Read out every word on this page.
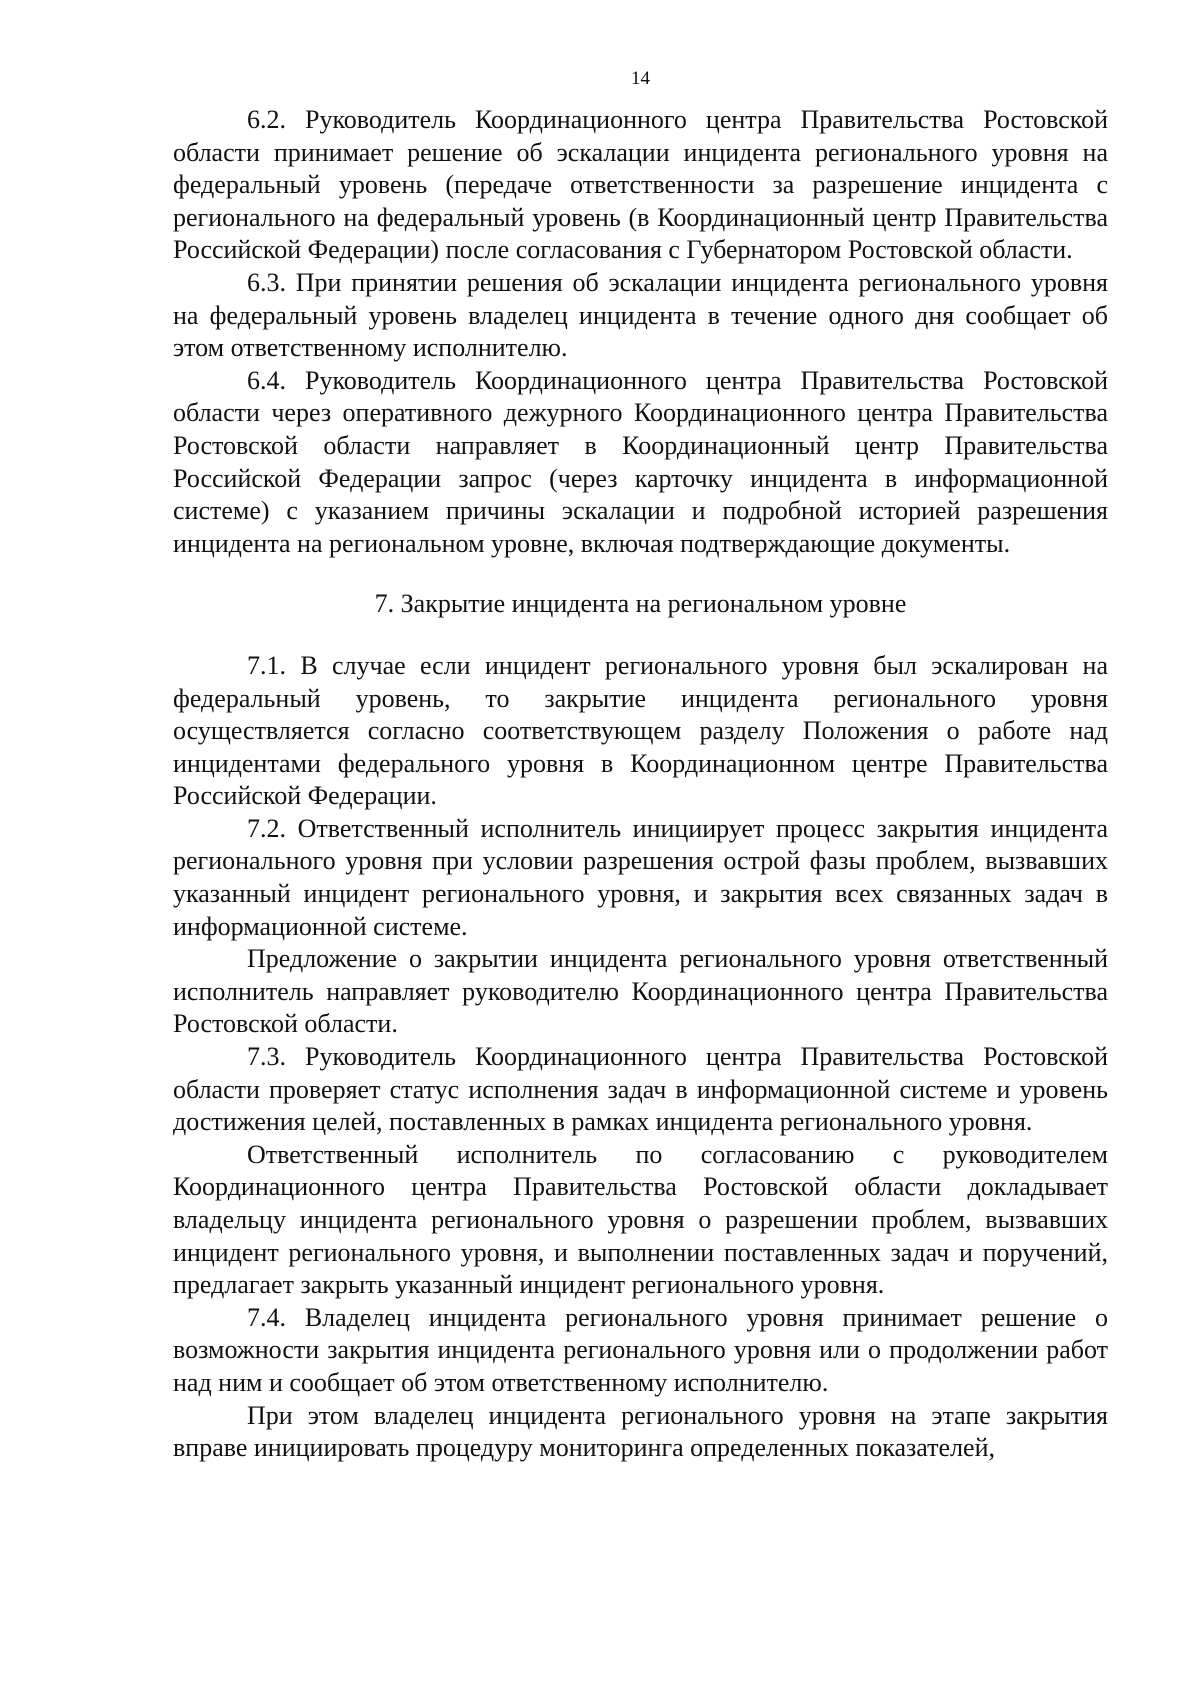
14

6.2. Руководитель Координационного центра Правительства Ростовской области принимает решение об эскалации инцидента регионального уровня на федеральный уровень (передаче ответственности за разрешение инцидента с регионального на федеральный уровень (в Координационный центр Правительства Российской Федерации) после согласования с Губернатором Ростовской области.

6.3. При принятии решения об эскалации инцидента регионального уровня на федеральный уровень владелец инцидента в течение одного дня сообщает об этом ответственному исполнителю.

6.4. Руководитель Координационного центра Правительства Ростовской области через оперативного дежурного Координационного центра Правительства Ростовской области направляет в Координационный центр Правительства Российской Федерации запрос (через карточку инцидента в информационной системе) с указанием причины эскалации и подробной историей разрешения инцидента на региональном уровне, включая подтверждающие документы.

7. Закрытие инцидента на региональном уровне

7.1. В случае если инцидент регионального уровня был эскалирован на федеральный уровень, то закрытие инцидента регионального уровня осуществляется согласно соответствующем разделу Положения о работе над инцидентами федерального уровня в Координационном центре Правительства Российской Федерации.

7.2. Ответственный исполнитель инициирует процесс закрытия инцидента регионального уровня при условии разрешения острой фазы проблем, вызвавших указанный инцидент регионального уровня, и закрытия всех связанных задач в информационной системе.

Предложение о закрытии инцидента регионального уровня ответственный исполнитель направляет руководителю Координационного центра Правительства Ростовской области.

7.3. Руководитель Координационного центра Правительства Ростовской области проверяет статус исполнения задач в информационной системе и уровень достижения целей, поставленных в рамках инцидента регионального уровня.

Ответственный исполнитель по согласованию с руководителем Координационного центра Правительства Ростовской области докладывает владельцу инцидента регионального уровня о разрешении проблем, вызвавших инцидент регионального уровня, и выполнении поставленных задач и поручений, предлагает закрыть указанный инцидент регионального уровня.

7.4. Владелец инцидента регионального уровня принимает решение о возможности закрытия инцидента регионального уровня или о продолжении работ над ним и сообщает об этом ответственному исполнителю.

При этом владелец инцидента регионального уровня на этапе закрытия вправе инициировать процедуру мониторинга определенных показателей,
